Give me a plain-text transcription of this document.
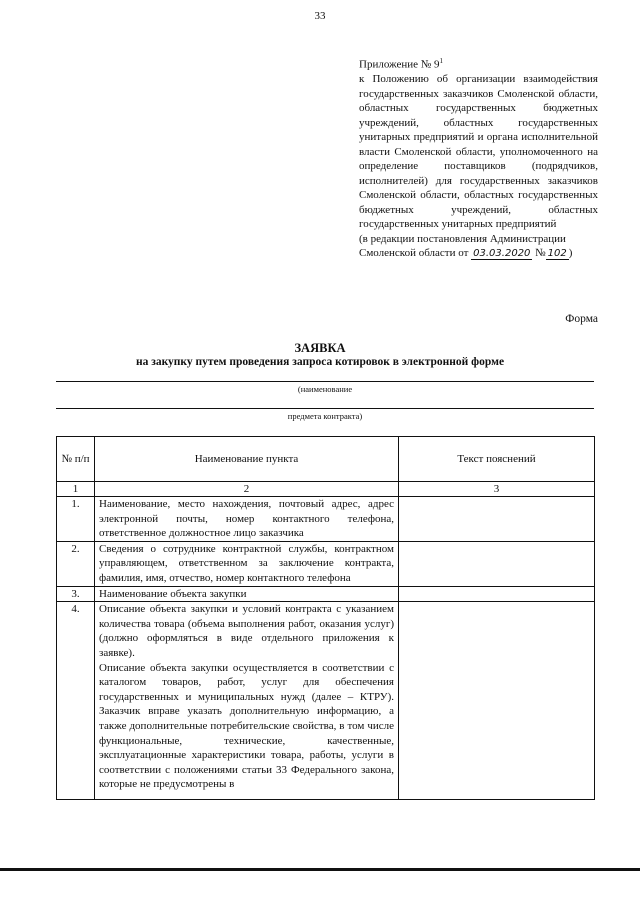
33
Приложение № $9^1$
к Положению об организации взаимодействия государственных заказчиков Смоленской области, областных государственных бюджетных учреждений, областных государственных унитарных предприятий и органа исполнительной власти Смоленской области, уполномоченного на определение поставщиков (подрядчиков, исполнителей) для государственных заказчиков Смоленской области, областных государственных бюджетных учреждений, областных государственных унитарных предприятий
(в редакции постановления Администрации Смоленской области от 03.03.2020 № 102 )
Форма
ЗАЯВКА
на закупку путем проведения запроса котировок в электронной форме
(наименование
предмета контракта)
№ п/п	Наименование пункта	Текст пояснений
1	2	3
1.	Наименование, место нахождения, почтовый адрес, адрес электронной почты, номер контактного телефона, ответственное должностное лицо заказчика	
2.	Сведения о сотруднике контрактной службы, контрактном управляющем, ответственном за заключение контракта, фамилия, имя, отчество, номер контактного телефона	
3.	Наименование объекта закупки	
4.	Описание объекта закупки и условий контракта с указанием количества товара (объема выполнения работ, оказания услуг) (должно оформляться в виде отдельного приложения к заявке).
Описание объекта закупки осуществляется в соответствии с каталогом товаров, работ, услуг для обеспечения государственных и муниципальных нужд (далее – КТРУ). Заказчик вправе указать дополнительную информацию, а также дополнительные потребительские свойства, в том числе функциональные, технические, качественные, эксплуатационные характеристики товара, работы, услуги в соответствии с положениями статьи 33 Федерального закона, которые не предусмотрены в	
